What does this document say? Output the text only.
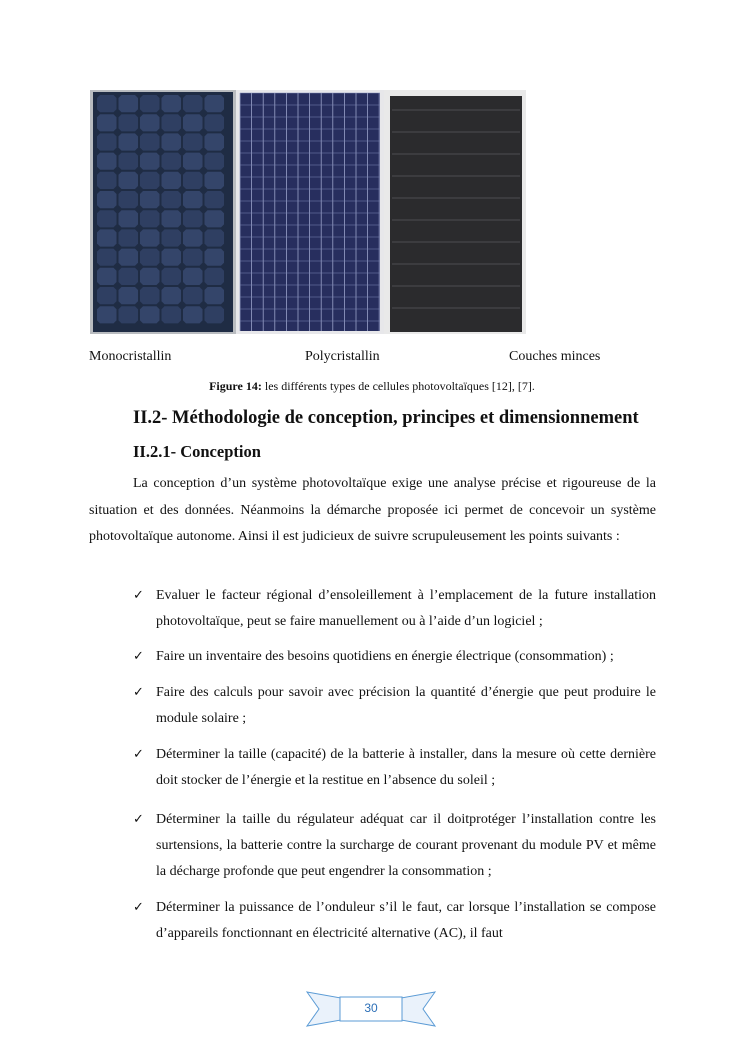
Monocristallin	Polycristallin	Couches minces
Figure 14: les différents types de cellules photovoltaïques [12], [7].
II.2- Méthodologie de conception, principes et dimensionnement
II.2.1- Conception

La conception d’un système photovoltaïque exige une analyse précise et rigoureuse de la situation et des données. Néanmoins la démarche proposée ici permet de concevoir un système photovoltaïque autonome. Ainsi il est judicieux de suivre scrupuleusement les points suivants :

✓ Evaluer le facteur régional d’ensoleillement à l’emplacement de la future installation photovoltaïque, peut se faire manuellement ou à l’aide d’un logiciel ;
✓ Faire un inventaire des besoins quotidiens en énergie électrique (consommation) ;
✓ Faire des calculs pour savoir avec précision la quantité d’énergie que peut produire le module solaire ;
✓ Déterminer la taille (capacité) de la batterie à installer, dans la mesure où cette dernière doit stocker de l’énergie et la restitue en l’absence du soleil ;
✓ Déterminer la taille du régulateur adéquat car il doitprotéger l’installation contre les surtensions, la batterie contre la surcharge de courant provenant du module PV et même la décharge profonde que peut engendrer la consommation ;
✓ Déterminer la puissance de l’onduleur s’il le faut, car lorsque l’installation se compose d’appareils fonctionnant en électricité alternative (AC), il faut
30
